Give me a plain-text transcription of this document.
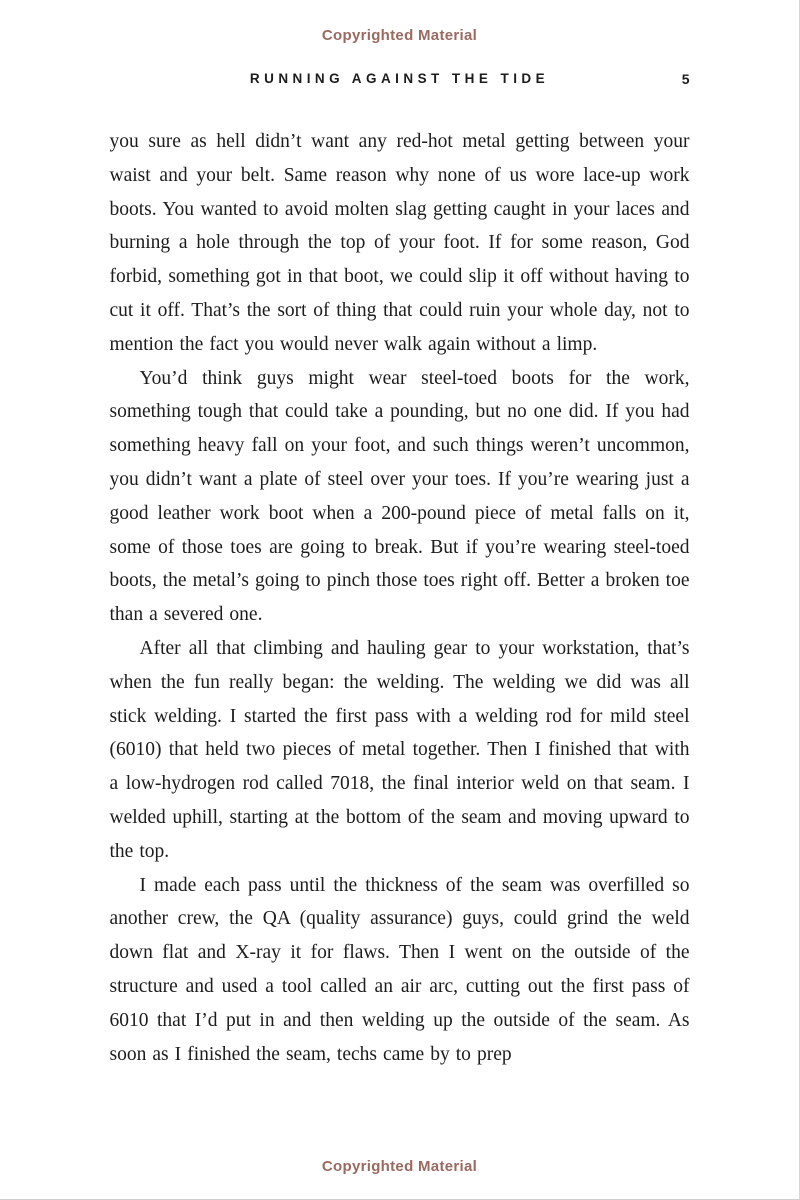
Copyrighted Material
RUNNING AGAINST THE TIDE	5

you sure as hell didn’t want any red-hot metal getting between your waist and your belt. Same reason why none of us wore lace-up work boots. You wanted to avoid molten slag getting caught in your laces and burning a hole through the top of your foot. If for some reason, God forbid, something got in that boot, we could slip it off without having to cut it off. That’s the sort of thing that could ruin your whole day, not to mention the fact you would never walk again without a limp.

You’d think guys might wear steel-toed boots for the work, something tough that could take a pounding, but no one did. If you had something heavy fall on your foot, and such things weren’t uncommon, you didn’t want a plate of steel over your toes. If you’re wearing just a good leather work boot when a 200-pound piece of metal falls on it, some of those toes are going to break. But if you’re wearing steel-toed boots, the metal’s going to pinch those toes right off. Better a broken toe than a severed one.

After all that climbing and hauling gear to your workstation, that’s when the fun really began: the welding. The welding we did was all stick welding. I started the first pass with a welding rod for mild steel (6010) that held two pieces of metal together. Then I finished that with a low-hydrogen rod called 7018, the final interior weld on that seam. I welded uphill, starting at the bottom of the seam and moving upward to the top.

I made each pass until the thickness of the seam was overfilled so another crew, the QA (quality assurance) guys, could grind the weld down flat and X-ray it for flaws. Then I went on the outside of the structure and used a tool called an air arc, cutting out the first pass of 6010 that I’d put in and then welding up the outside of the seam. As soon as I finished the seam, techs came by to prep

Copyrighted Material
